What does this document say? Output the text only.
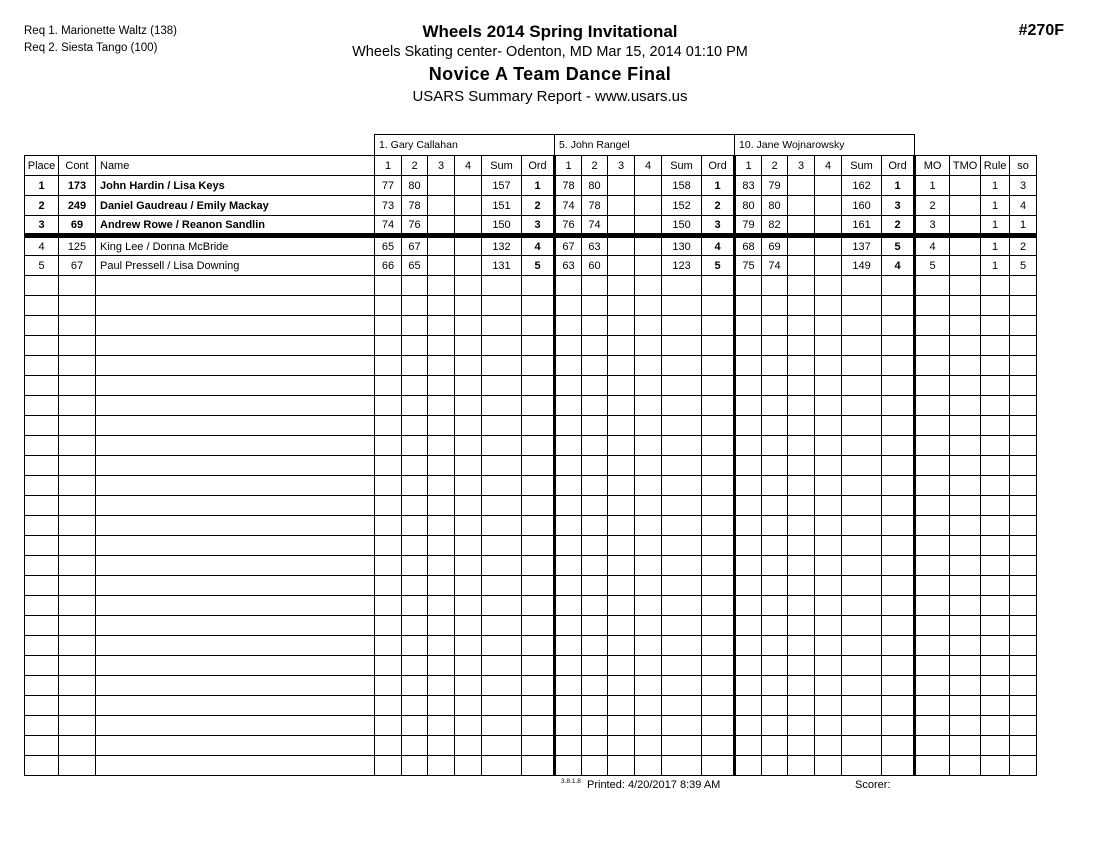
Req 1. Marionette Waltz (138)
Req 2. Siesta Tango (100)
Wheels 2014 Spring Invitational
Wheels Skating center- Odenton, MD Mar 15, 2014 01:10 PM
Novice A Team Dance Final
USARS Summary Report - www.usars.us
#270F
			1. Gary Callahan						5. John Rangel						10. Jane Wojnarowsky									
Place	Cont	Name	1	2	3	4	Sum	Ord	1	2	3	4	Sum	Ord	1	2	3	4	Sum	Ord	MO	TMO	Rule	so
1	173	John Hardin / Lisa Keys	77	80			157	1	78	80			158	1	83	79			162	1	1		1	3
2	249	Daniel Gaudreau / Emily Mackay	73	78			151	2	74	78			152	2	80	80			160	3	2		1	4
3	69	Andrew Rowe / Reanon Sandlin	74	76			150	3	76	74			150	3	79	82			161	2	3		1	1
4	125	King Lee / Donna McBride	65	67			132	4	67	63			130	4	68	69			137	5	4		1	2
5	67	Paul Pressell / Lisa Downing	66	65			131	5	63	60			123	5	75	74			149	4	5		1	5

3.8.1.8 Printed: 4/20/2017 8:39 AM	Scorer:
